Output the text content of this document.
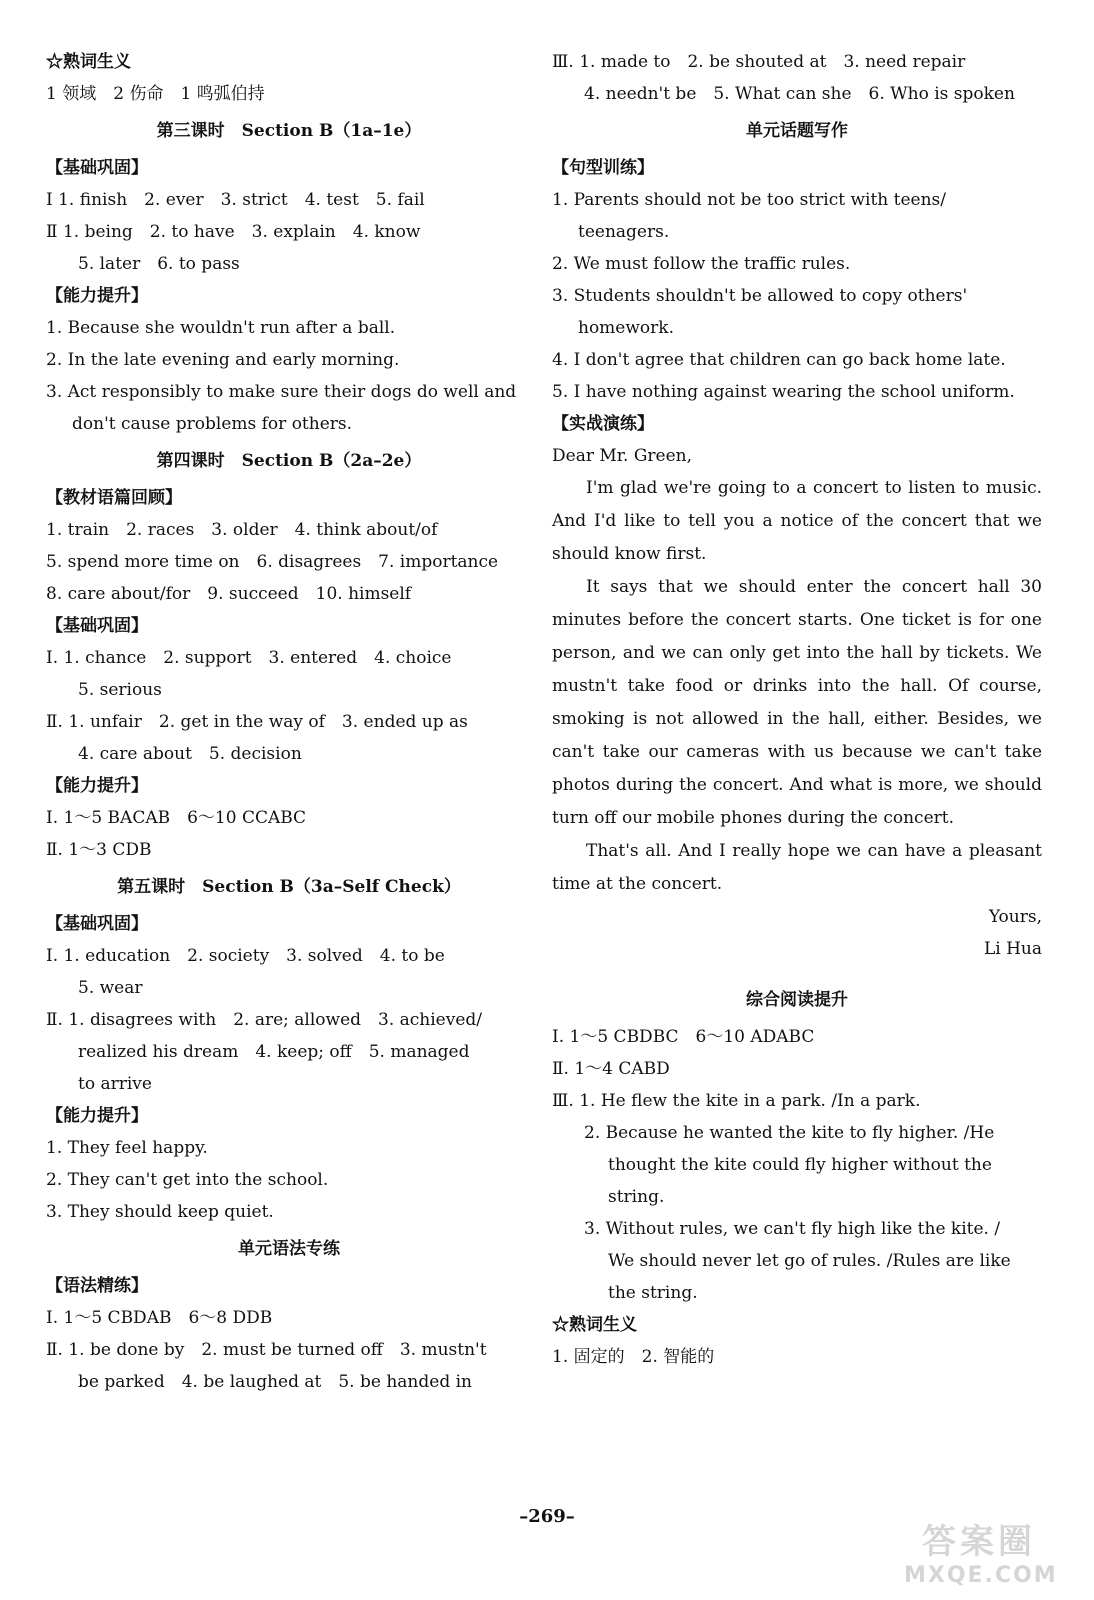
☆熟词生义
1 领域　2 伤命　1 鸣弧伯持
第三课时　Section B（1a–1e）
【基础巩固】
Ⅰ 1. finish　2. ever　3. strict　4. test　5. fail
Ⅱ 1. being　2. to have　3. explain　4. know
5. later　6. to pass
【能力提升】
1. Because she wouldn't run after a ball.
2. In the late evening and early morning.
3. Act responsibly to make sure their dogs do well and
don't cause problems for others.
第四课时　Section B（2a–2e）
【教材语篇回顾】
1. train　2. races　3. older　4. think about/of
5. spend more time on　6. disagrees　7. importance
8. care about/for　9. succeed　10. himself
【基础巩固】
Ⅰ. 1. chance　2. support　3. entered　4. choice
5. serious
Ⅱ. 1. unfair　2. get in the way of　3. ended up as
4. care about　5. decision
【能力提升】
Ⅰ. 1～5 BACAB　6～10 CCABC
Ⅱ. 1～3 CDB
第五课时　Section B（3a–Self Check）
【基础巩固】
Ⅰ. 1. education　2. society　3. solved　4. to be
5. wear
Ⅱ. 1. disagrees with　2. are; allowed　3. achieved/
realized his dream　4. keep; off　5. managed
to arrive
【能力提升】
1. They feel happy.
2. They can't get into the school.
3. They should keep quiet.
单元语法专练
【语法精练】
Ⅰ. 1～5 CBDAB　6～8 DDB
Ⅱ. 1. be done by　2. must be turned off　3. mustn't
be parked　4. be laughed at　5. be handed in
Ⅲ. 1. made to　2. be shouted at　3. need repair
4. needn't be　5. What can she　6. Who is spoken
单元话题写作
【句型训练】
1. Parents should not be too strict with teens/
teenagers.
2. We must follow the traffic rules.
3. Students shouldn't be allowed to copy others'
homework.
4. I don't agree that children can go back home late.
5. I have nothing against wearing the school uniform.
【实战演练】
Dear Mr. Green,
I'm glad we're going to a concert to listen to music. And I'd like to tell you a notice of the concert that we should know first.
It says that we should enter the concert hall 30 minutes before the concert starts. One ticket is for one person, and we can only get into the hall by tickets. We mustn't take food or drinks into the hall. Of course, smoking is not allowed in the hall, either. Besides, we can't take our cameras with us because we can't take photos during the concert. And what is more, we should turn off our mobile phones during the concert.
That's all. And I really hope we can have a pleasant time at the concert.
Yours,
Li Hua
综合阅读提升
Ⅰ. 1～5 CBDBC　6～10 ADABC
Ⅱ. 1～4 CABD
Ⅲ. 1. He flew the kite in a park. /In a park.
2. Because he wanted the kite to fly higher. /He
thought the kite could fly higher without the
string.
3. Without rules, we can't fly high like the kite. /
We should never let go of rules. /Rules are like
the string.
☆熟词生义
1. 固定的　2. 智能的
–269–
答案圈
MXQE.COM
